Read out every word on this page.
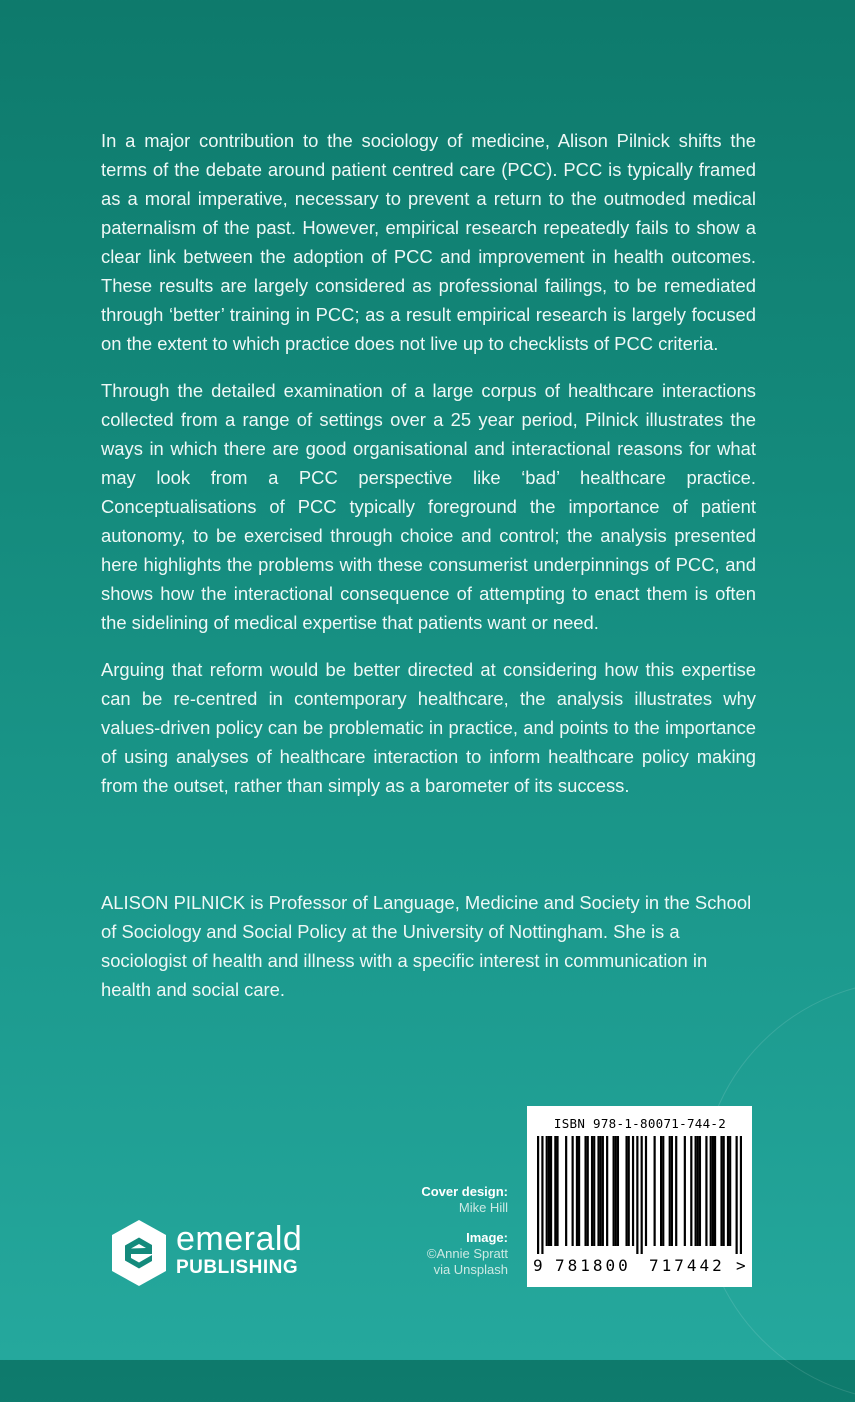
In a major contribution to the sociology of medicine, Alison Pilnick shifts the terms of the debate around patient centred care (PCC). PCC is typically framed as a moral imperative, necessary to prevent a return to the outmoded medical paternalism of the past. However, empirical research repeatedly fails to show a clear link between the adoption of PCC and improvement in health outcomes. These results are largely considered as professional failings, to be remediated through ‘better’ training in PCC; as a result empirical research is largely focused on the extent to which practice does not live up to checklists of PCC criteria.

Through the detailed examination of a large corpus of healthcare interactions collected from a range of settings over a 25 year period, Pilnick illustrates the ways in which there are good organisational and interactional reasons for what may look from a PCC perspective like ‘bad’ healthcare practice. Conceptualisations of PCC typically foreground the importance of patient autonomy, to be exercised through choice and control; the analysis presented here highlights the problems with these consumerist underpinnings of PCC, and shows how the interactional consequence of attempting to enact them is often the sidelining of medical expertise that patients want or need.

Arguing that reform would be better directed at considering how this expertise can be re-centred in contemporary healthcare, the analysis illustrates why values-driven policy can be problematic in practice, and points to the importance of using analyses of healthcare interaction to inform healthcare policy making from the outset, rather than simply as a barometer of its success.

ALISON PILNICK is Professor of Language, Medicine and Society in the School of Sociology and Social Policy at the University of Nottingham. She is a sociologist of health and illness with a specific interest in communication in health and social care.

emerald
PUBLISHING
Cover design:
Mike Hill
Image:
©Annie Spratt
via Unsplash
ISBN 978-1-80071-744-2
9 781800 717442 >
